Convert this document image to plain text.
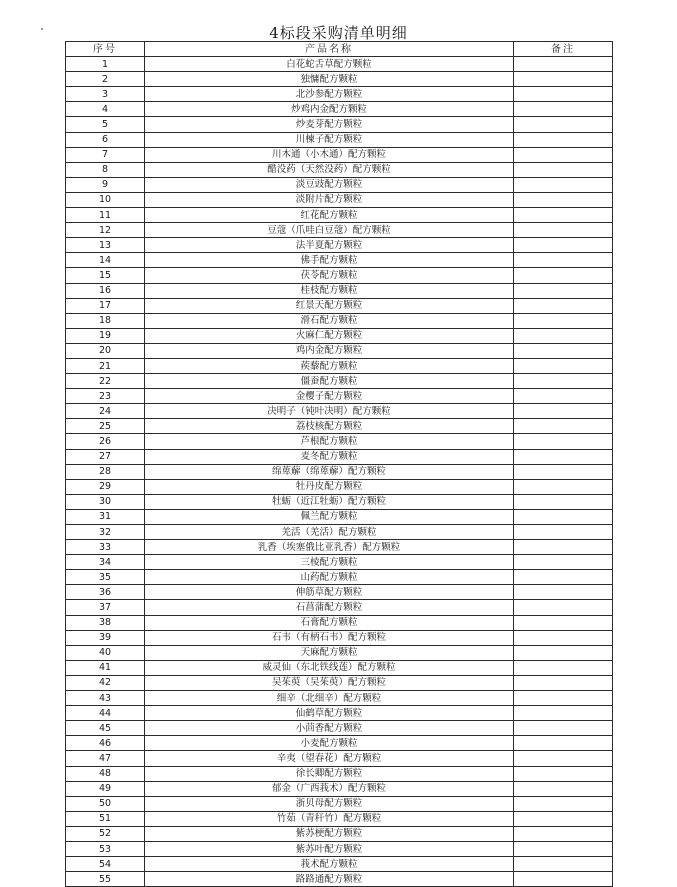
4标段采购清单明细
序号	产品名称	备注
1	白花蛇舌草配方颗粒	
2	独慵配方颗粒	
3	北沙参配方颗粒	
4	炒鸡内金配方颗粒	
5	炒麦芽配方颗粒	
6	川楝子配方颗粒	
7	川木通（小木通）配方颗粒	
8	醋没药（天然没药）配方颗粒	
9	淡豆豉配方颗粒	
10	淡附片配方颗粒	
11	红花配方颗粒	
12	豆蔻（爪哇白豆蔻）配方颗粒	
13	法半夏配方颗粒	
14	佛手配方颗粒	
15	茯苓配方颗粒	
16	桂枝配方颗粒	
17	红景天配方颗粒	
18	滑石配方颗粒	
19	火麻仁配方颗粒	
20	鸡内金配方颗粒	
21	蒺藜配方颗粒	
22	僵蚕配方颗粒	
23	金樱子配方颗粒	
24	决明子（钝叶决明）配方颗粒	
25	荔枝核配方颗粒	
26	芦根配方颗粒	
27	麦冬配方颗粒	
28	绵萆薢（绵萆薢）配方颗粒	
29	牡丹皮配方颗粒	
30	牡蛎（近江牡蛎）配方颗粒	
31	佩兰配方颗粒	
32	羌活（羌活）配方颗粒	
33	乳香（埃塞俄比亚乳香）配方颗粒	
34	三棱配方颗粒	
35	山药配方颗粒	
36	伸筋草配方颗粒	
37	石菖蒲配方颗粒	
38	石膏配方颗粒	
39	石韦（有柄石韦）配方颗粒	
40	天麻配方颗粒	
41	威灵仙（东北铁线莲）配方颗粒	
42	吴茱萸（吴茱萸）配方颗粒	
43	细辛（北细辛）配方颗粒	
44	仙鹤草配方颗粒	
45	小茴香配方颗粒	
46	小麦配方颗粒	
47	辛夷（望春花）配方颗粒	
48	徐长卿配方颗粒	
49	郁金（广西莪术）配方颗粒	
50	浙贝母配方颗粒	
51	竹茹（青秆竹）配方颗粒	
52	紫苏梗配方颗粒	
53	紫苏叶配方颗粒	
54	莪术配方颗粒	
55	路路通配方颗粒	
